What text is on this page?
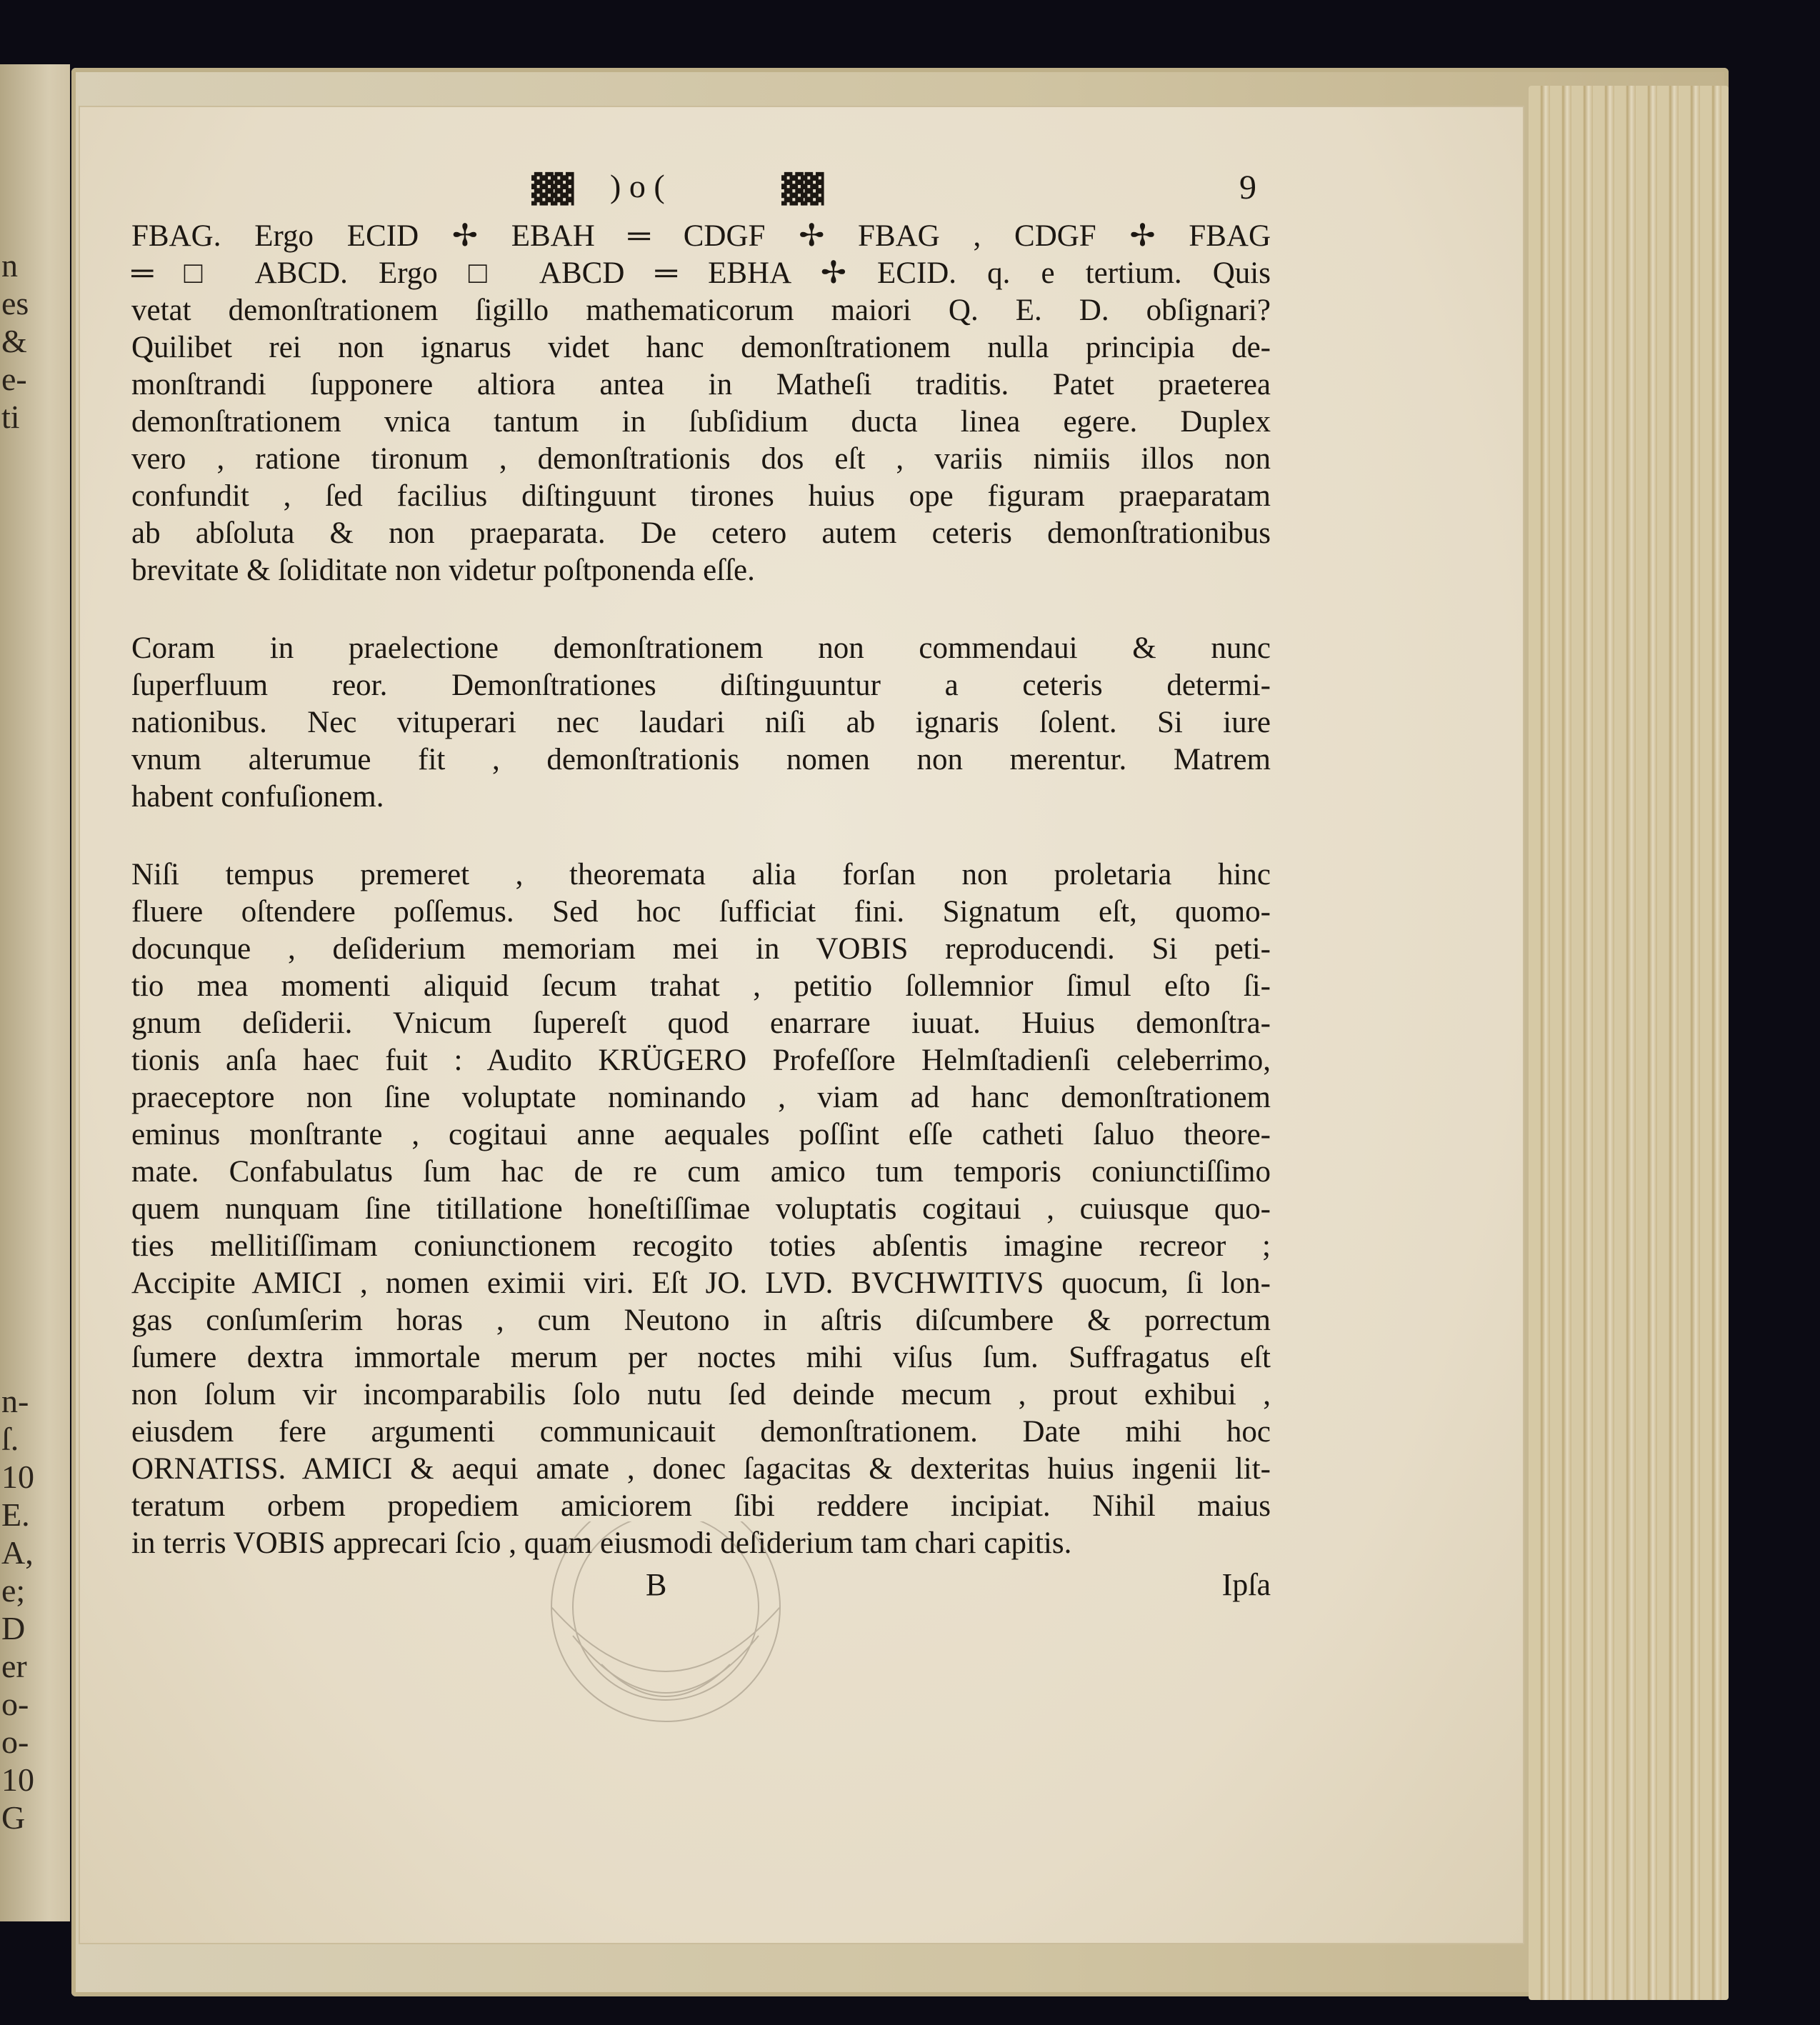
n
es
&
e-
ti
n-
ſ.
10
E.
A,
e;
D
er
o-
o-
10
G
▓▓ ) o (	▓▓	9
FBAG. Ergo ECID ✢ EBAH ═ CDGF ✢ FBAG , CDGF ✢ FBAG
═ □ ABCD. Ergo □ ABCD ═ EBHA ✢ ECID. q. e tertium. Quis
vetat demonſtrationem ſigillo mathematicorum maiori Q. E. D. obſignari?
Quilibet rei non ignarus videt hanc demonſtrationem nulla principia de-
monſtrandi ſupponere altiora antea in Matheſi traditis. Patet praeterea
demonſtrationem vnica tantum in ſubſidium ducta linea egere. Duplex
vero , ratione tironum , demonſtrationis dos eſt , variis nimiis illos non
confundit , ſed facilius diſtinguunt tirones huius ope figuram praeparatam
ab abſoluta & non praeparata. De cetero autem ceteris demonſtrationibus
brevitate & ſoliditate non videtur poſtponenda eſſe.
Coram in praelectione demonſtrationem non commendaui & nunc
ſuperfluum reor. Demonſtrationes diſtinguuntur a ceteris determi-
nationibus. Nec vituperari nec laudari niſi ab ignaris ſolent. Si iure
vnum alterumue fit , demonſtrationis nomen non merentur. Matrem
habent confuſionem.
Niſi tempus premeret , theoremata alia forſan non proletaria hinc
fluere oſtendere poſſemus. Sed hoc ſufficiat fini. Signatum eſt, quomo-
docunque , deſiderium memoriam mei in VOBIS reproducendi. Si peti-
tio mea momenti aliquid ſecum trahat , petitio ſollemnior ſimul eſto ſi-
gnum deſiderii. Vnicum ſupereſt quod enarrare iuuat. Huius demonſtra-
tionis anſa haec fuit : Audito KRÜGERO Profeſſore Helmſtadienſi celeberrimo,
praeceptore non ſine voluptate nominando , viam ad hanc demonſtrationem
eminus monſtrante , cogitaui anne aequales poſſint eſſe catheti ſaluo theore-
mate. Confabulatus ſum hac de re cum amico tum temporis coniunctiſſimo
quem nunquam ſine titillatione honeſtiſſimae voluptatis cogitaui , cuiusque quo-
ties mellitiſſimam coniunctionem recogito toties abſentis imagine recreor ;
Accipite AMICI , nomen eximii viri. Eſt JO. LVD. BVCHWITIVS quocum, ſi lon-
gas conſumſerim horas , cum Neutono in aſtris diſcumbere & porrectum
ſumere dextra immortale merum per noctes mihi viſus ſum. Suffragatus eſt
non ſolum vir incomparabilis ſolo nutu ſed deinde mecum , prout exhibui ,
eiusdem fere argumenti communicauit demonſtrationem. Date mihi hoc
ORNATISS. AMICI & aequi amate , donec ſagacitas & dexteritas huius ingenii lit-
teratum orbem propediem amiciorem ſibi reddere incipiat. Nihil maius
in terris VOBIS apprecari ſcio , quam eiusmodi deſiderium tam chari capitis.
B	Ipſa
